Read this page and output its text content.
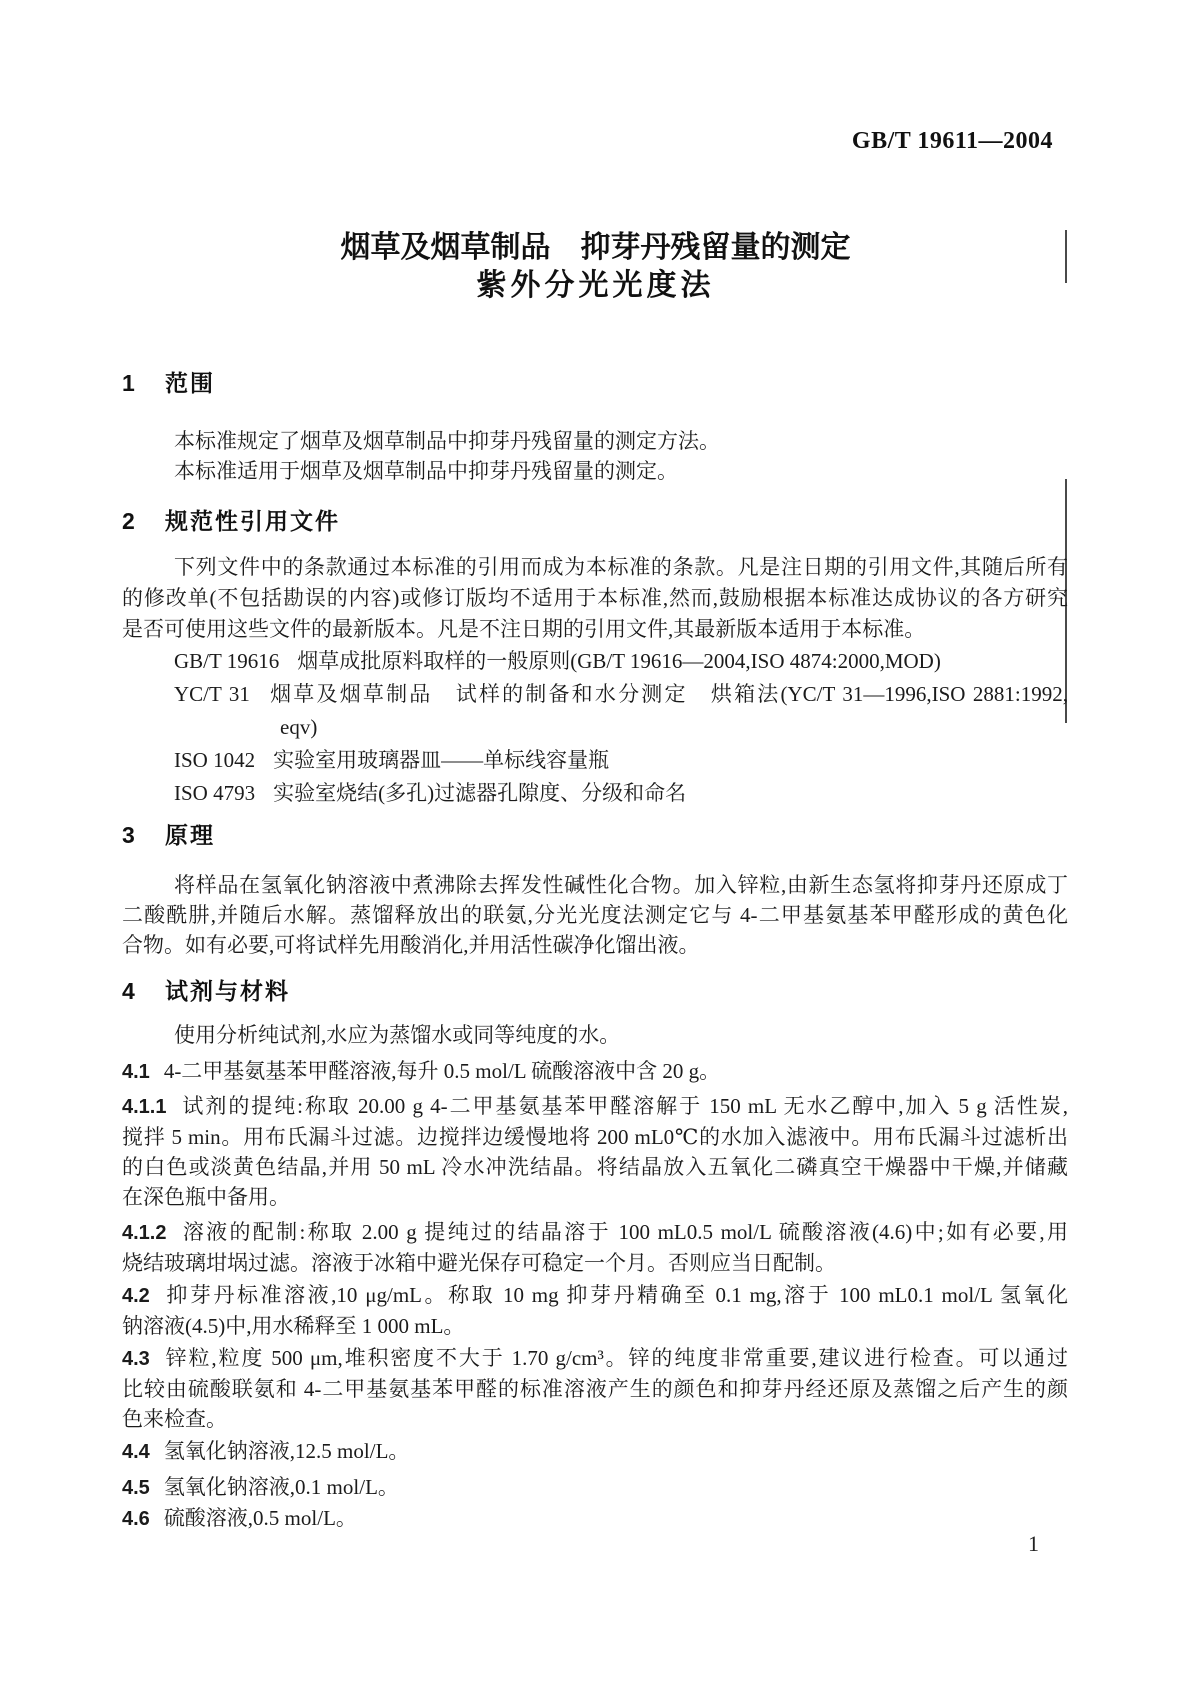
GB/T 19611—2004
烟草及烟草制品　抑芽丹残留量的测定
紫外分光光度法
1 范围
本标准规定了烟草及烟草制品中抑芽丹残留量的测定方法。
本标准适用于烟草及烟草制品中抑芽丹残留量的测定。
2 规范性引用文件
下列文件中的条款通过本标准的引用而成为本标准的条款。凡是注日期的引用文件,其随后所有
的修改单(不包括勘误的内容)或修订版均不适用于本标准,然而,鼓励根据本标准达成协议的各方研究
是否可使用这些文件的最新版本。凡是不注日期的引用文件,其最新版本适用于本标准。
GB/T 19616 烟草成批原料取样的一般原则(GB/T 19616—2004,ISO 4874:2000,MOD)
YC/T 31 烟草及烟草制品　试样的制备和水分测定　烘箱法(YC/T 31—1996,ISO 2881:1992,
eqv)
ISO 1042 实验室用玻璃器皿——单标线容量瓶
ISO 4793 实验室烧结(多孔)过滤器孔隙度、分级和命名
3 原理
将样品在氢氧化钠溶液中煮沸除去挥发性碱性化合物。加入锌粒,由新生态氢将抑芽丹还原成丁
二酸酰肼,并随后水解。蒸馏释放出的联氨,分光光度法测定它与 4-二甲基氨基苯甲醛形成的黄色化
合物。如有必要,可将试样先用酸消化,并用活性碳净化馏出液。
4 试剂与材料
使用分析纯试剂,水应为蒸馏水或同等纯度的水。
4.1 4-二甲基氨基苯甲醛溶液,每升 0.5 mol/L 硫酸溶液中含 20 g。
4.1.1 试剂的提纯:称取 20.00 g 4-二甲基氨基苯甲醛溶解于 150 mL 无水乙醇中,加入 5 g 活性炭,
搅拌 5 min。用布氏漏斗过滤。边搅拌边缓慢地将 200 mL0℃的水加入滤液中。用布氏漏斗过滤析出
的白色或淡黄色结晶,并用 50 mL 冷水冲洗结晶。将结晶放入五氧化二磷真空干燥器中干燥,并储藏
在深色瓶中备用。
4.1.2 溶液的配制:称取 2.00 g 提纯过的结晶溶于 100 mL0.5 mol/L 硫酸溶液(4.6)中;如有必要,用
烧结玻璃坩埚过滤。溶液于冰箱中避光保存可稳定一个月。否则应当日配制。
4.2 抑芽丹标准溶液,10 μg/mL。称取 10 mg 抑芽丹精确至 0.1 mg,溶于 100 mL0.1 mol/L 氢氧化
钠溶液(4.5)中,用水稀释至 1 000 mL。
4.3 锌粒,粒度 500 μm,堆积密度不大于 1.70 g/cm³。锌的纯度非常重要,建议进行检查。可以通过
比较由硫酸联氨和 4-二甲基氨基苯甲醛的标准溶液产生的颜色和抑芽丹经还原及蒸馏之后产生的颜
色来检查。
4.4 氢氧化钠溶液,12.5 mol/L。
4.5 氢氧化钠溶液,0.1 mol/L。
4.6 硫酸溶液,0.5 mol/L。
1
